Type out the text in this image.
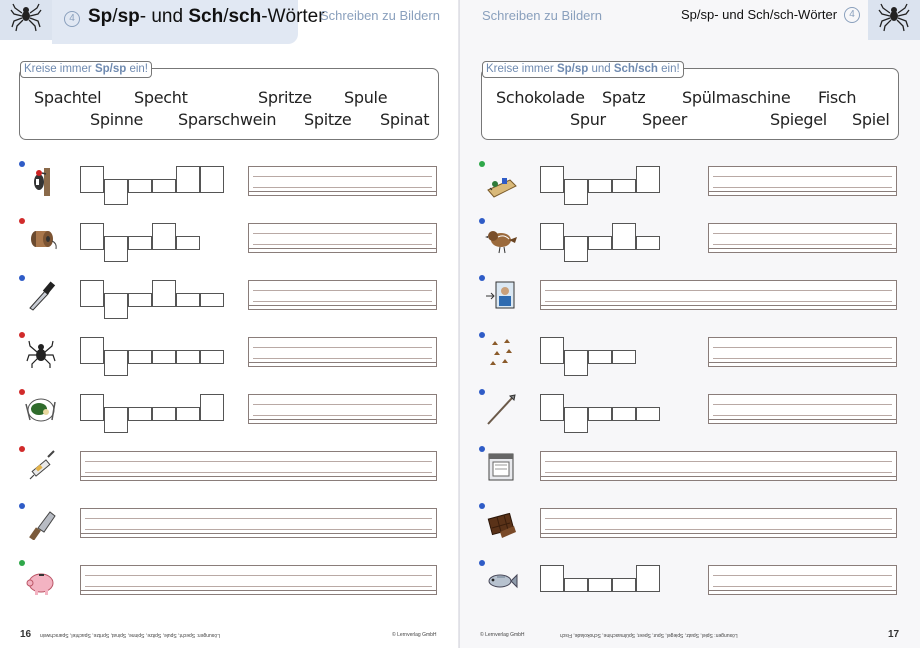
4 Sp/sp- und Sch/sch-Wörter
Schreiben zu Bildern
Kreise immer Sp/sp ein!
Spachtel Specht	Spritze Spule
Spinne Sparschwein Spitze Spinat
16 Lösungen: Specht, Spule, Spitze, Spinne, Spinat, Spritze, Spachtel, Sparschwein	© Lernverlag GmbH
Schreiben zu Bildern	Sp/sp- und Sch/sch-Wörter	4
Kreise immer Sp/sp und Sch/sch ein!
Schokolade Spatz Spülmaschine Fisch
Spur Speer	Spiegel Spiel
© Lernverlag GmbH	Lösungen: Spiel, Spatz, Spiegel, Spur, Speer, Spülmaschine, Schokolade, Fisch	17
